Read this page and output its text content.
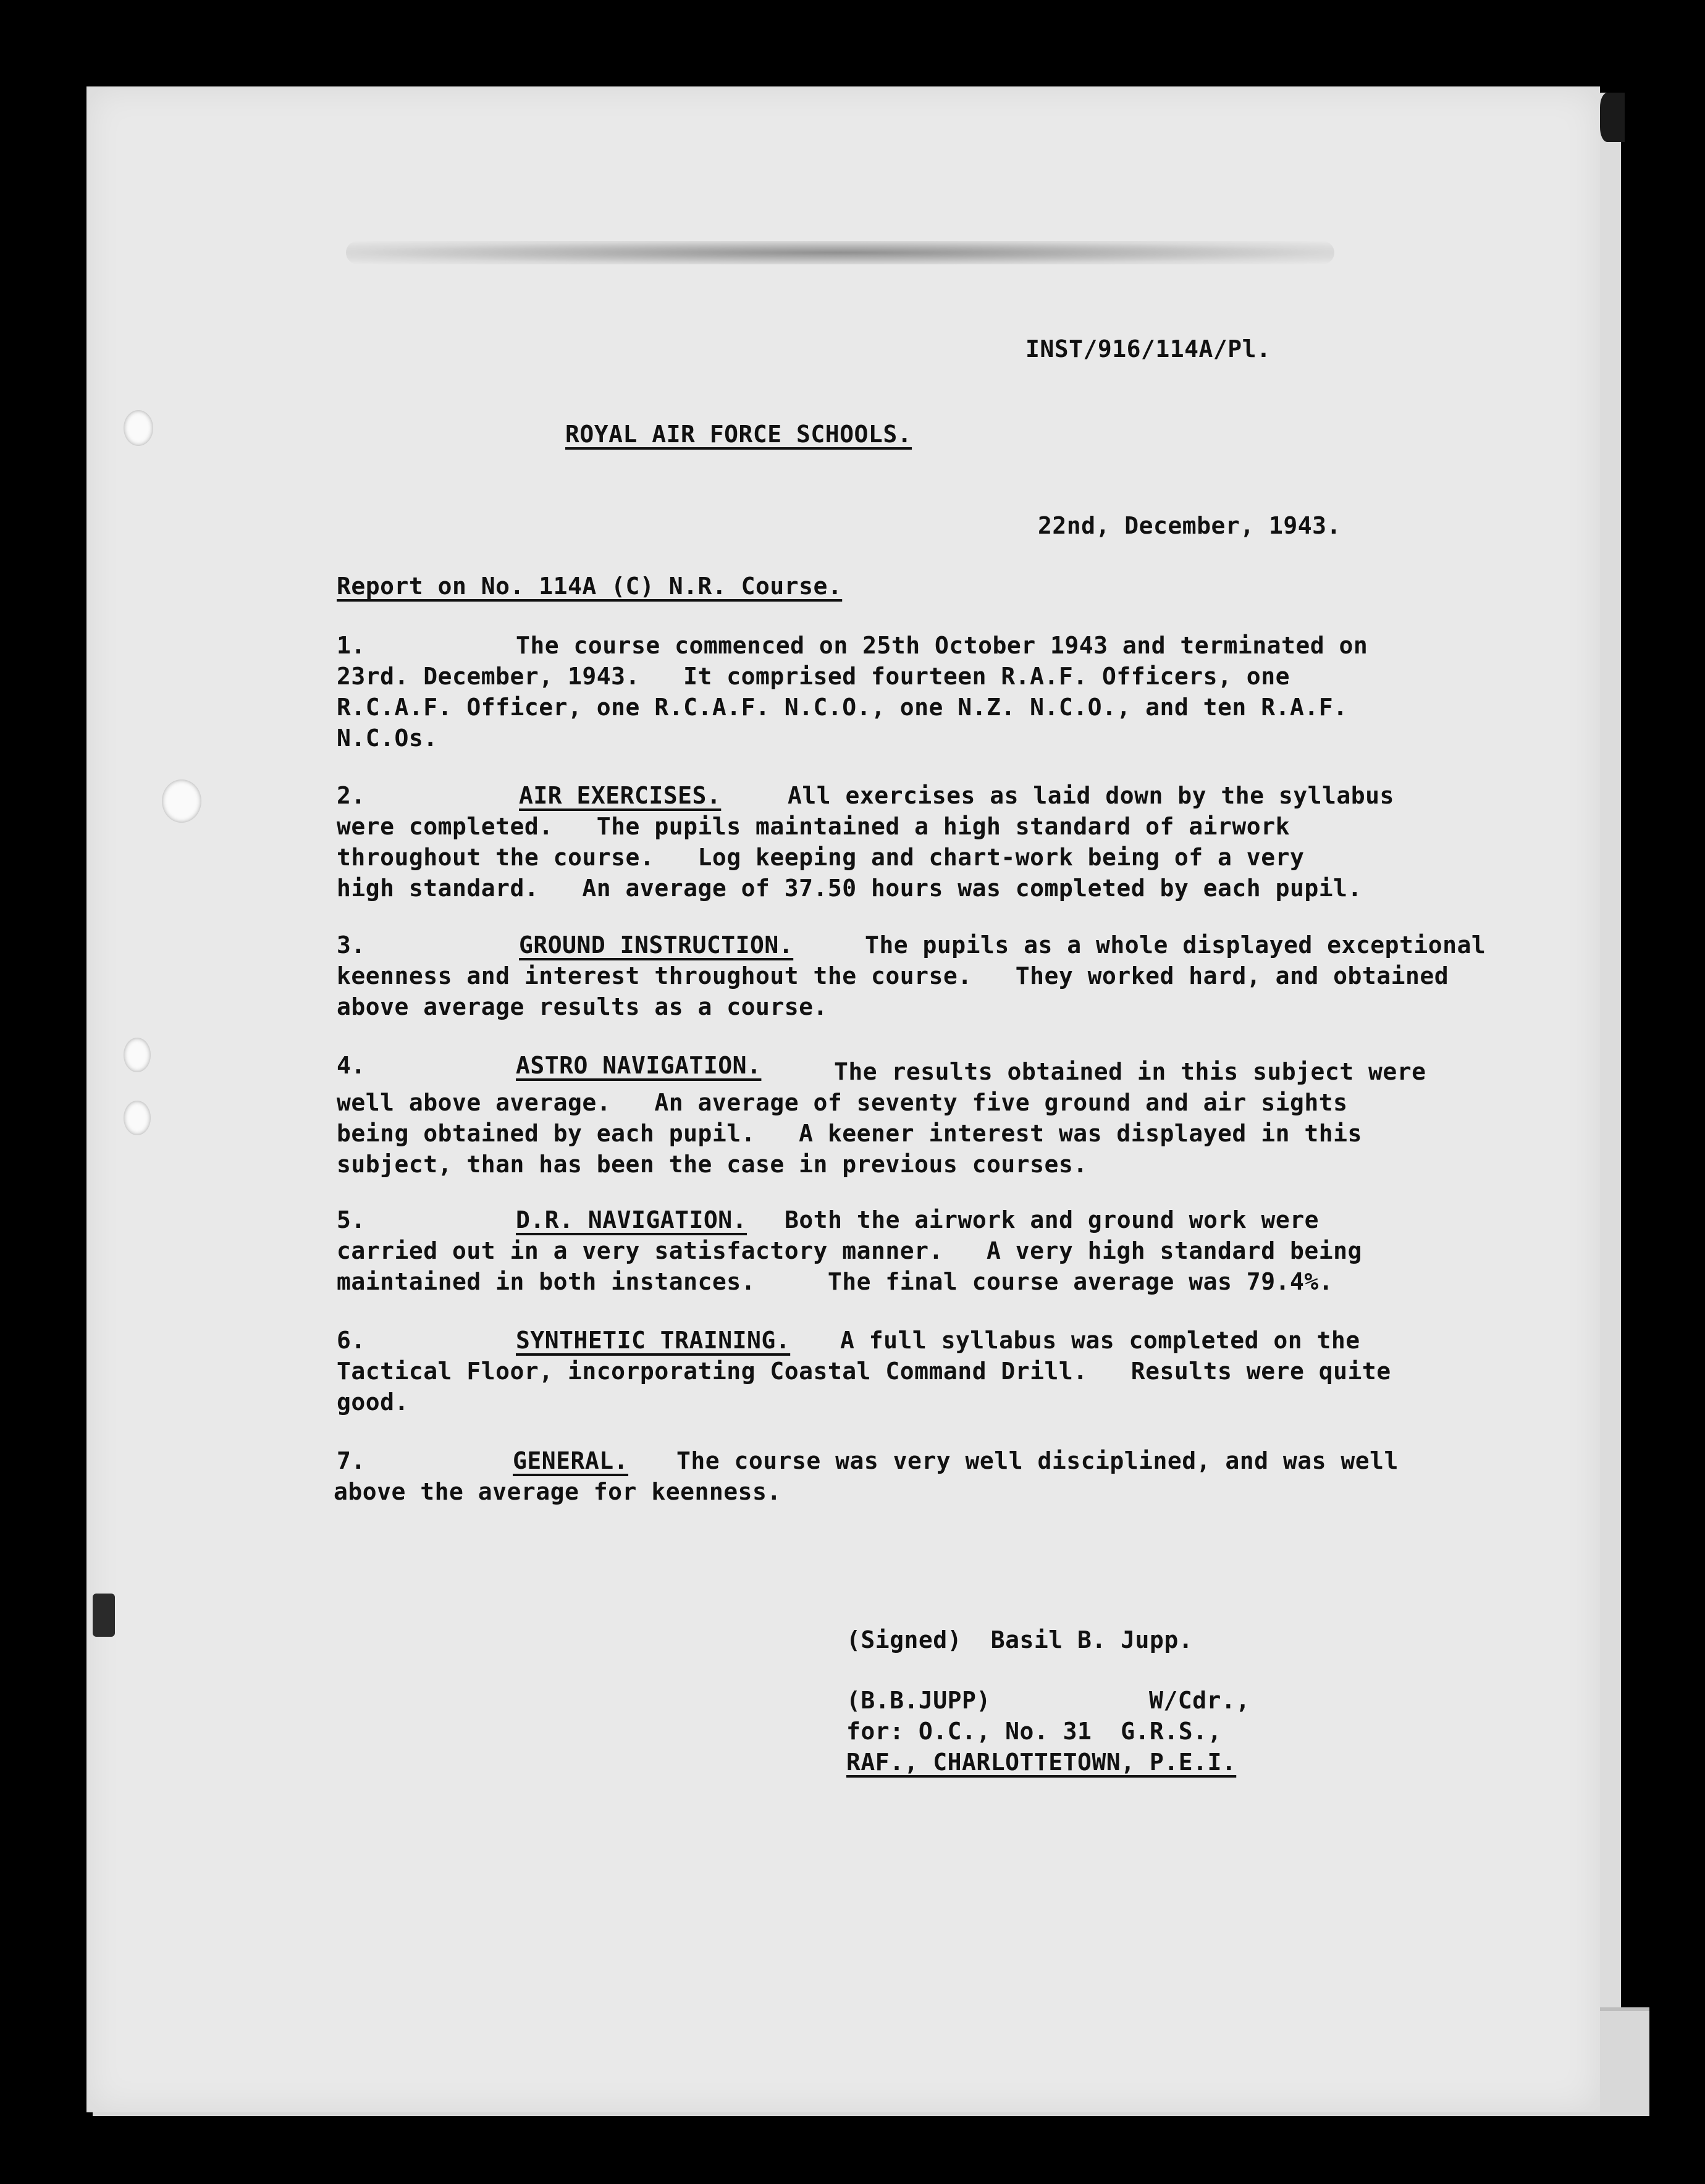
INST/916/114A/Pl.
ROYAL AIR FORCE SCHOOLS.
22nd, December, 1943.
Report on No. 114A (C) N.R. Course.
1.	The course commenced on 25th October 1943 and terminated on
23rd. December, 1943.   It comprised fourteen R.A.F. Officers, one
R.C.A.F. Officer, one R.C.A.F. N.C.O., one N.Z. N.C.O., and ten R.A.F.
N.C.Os.
2.	AIR EXERCISES.	All exercises as laid down by the syllabus
were completed.   The pupils maintained a high standard of airwork
throughout the course.   Log keeping and chart-work being of a very
high standard.   An average of 37.50 hours was completed by each pupil.
3.	GROUND INSTRUCTION.	The pupils as a whole displayed exceptional
keenness and interest throughout the course.   They worked hard, and obtained
above average results as a course.
4.	ASTRO NAVIGATION.	The results obtained in this subject were
well above average.   An average of seventy five ground and air sights
being obtained by each pupil.   A keener interest was displayed in this
subject, than has been the case in previous courses.
5.	D.R. NAVIGATION. Both the airwork and ground work were
carried out in a very satisfactory manner.   A very high standard being
maintained in both instances.     The final course average was 79.4%.
6.	SYNTHETIC TRAINING. A full syllabus was completed on the
Tactical Floor, incorporating Coastal Command Drill.   Results were quite
good.
7.	GENERAL. The course was very well disciplined, and was well
above the average for keenness.
(Signed)  Basil B. Jupp.
(B.B.JUPP)	W/Cdr.,
for: O.C., No. 31  G.R.S.,
RAF., CHARLOTTETOWN, P.E.I.
